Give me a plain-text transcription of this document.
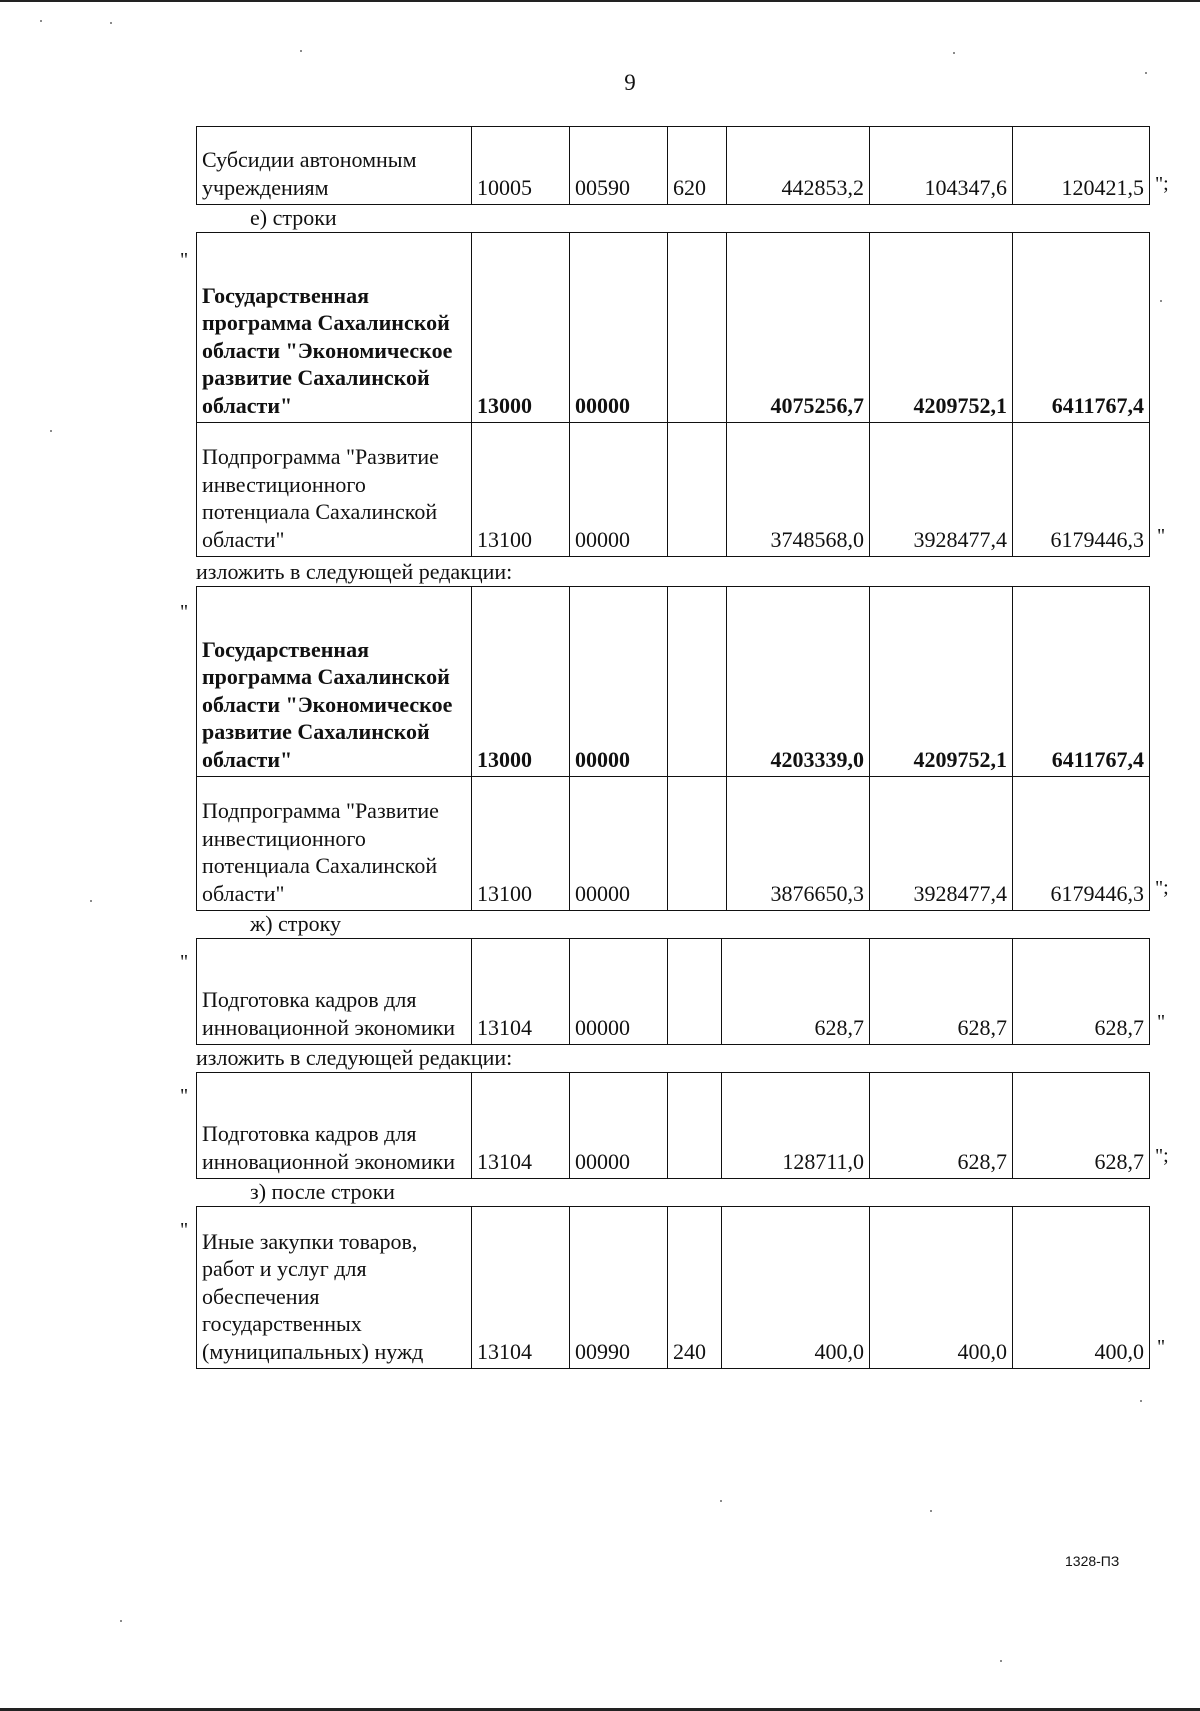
9
Субсидии автономным учреждениям	10005	00590	620	442853,2	104347,6	120421,5 ";
е) строки
"
Государственная программа Сахалинской области "Экономическое развитие Сахалинской области"	13000	00000		4075256,7	4209752,1	6411767,4
Подпрограмма "Развитие инвестиционного потенциала Сахалинской области"	13100	00000		3748568,0	3928477,4	6179446,3 "
изложить в следующей редакции:
"
Государственная программа Сахалинской области "Экономическое развитие Сахалинской области"	13000	00000		4203339,0	4209752,1	6411767,4
Подпрограмма "Развитие инвестиционного потенциала Сахалинской области"	13100	00000		3876650,3	3928477,4	6179446,3 ";
ж) строку
"
Подготовка кадров для инновационной экономики	13104	00000		628,7	628,7	628,7 "
изложить в следующей редакции:
"
Подготовка кадров для инновационной экономики	13104	00000		128711,0	628,7	628,7 ";
з) после строки
" Иные закупки товаров, работ и услуг для обеспечения государственных (муниципальных) нужд	13104	00990	240	400,0	400,0	400,0 "
1328-ПЗ
